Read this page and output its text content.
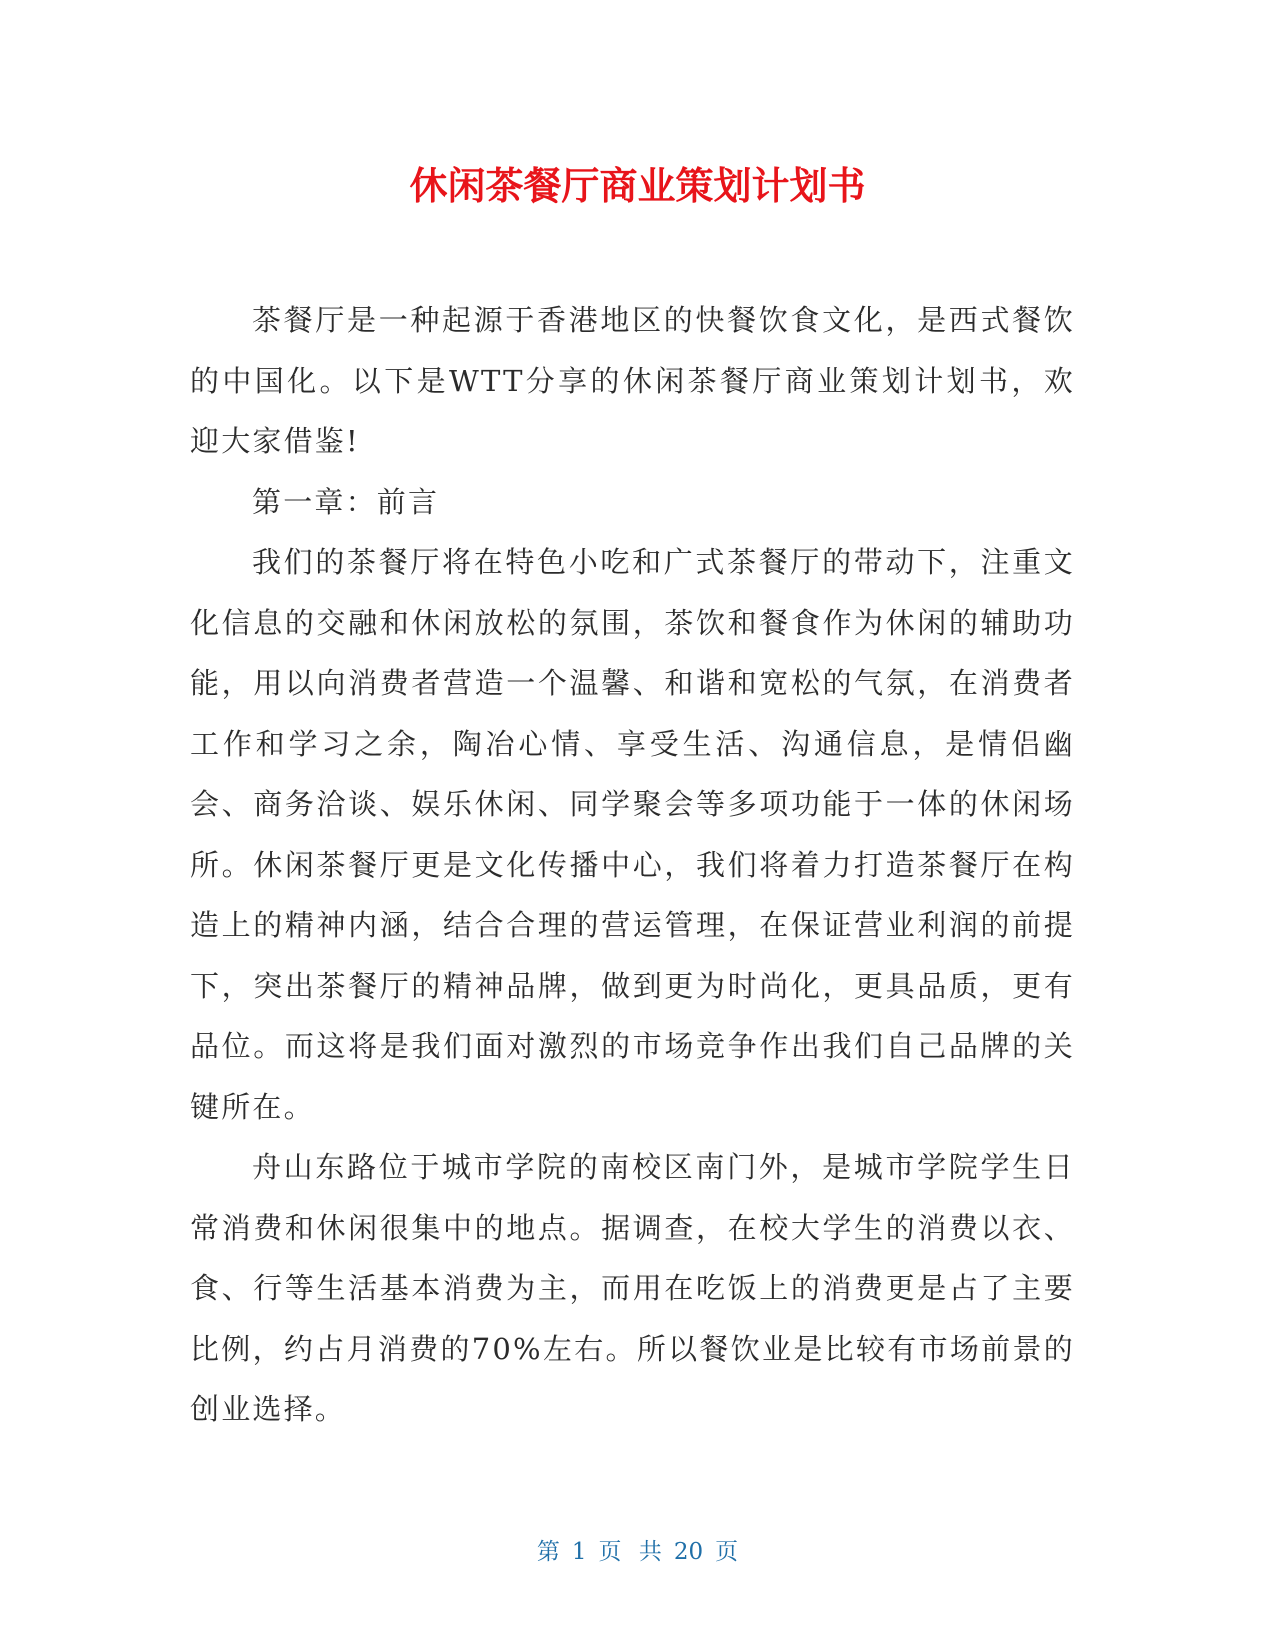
休闲茶餐厅商业策划计划书

茶餐厅是一种起源于香港地区的快餐饮食文化，是西式餐饮的中国化。以下是WTT分享的休闲茶餐厅商业策划计划书，欢迎大家借鉴!

第一章：前言

我们的茶餐厅将在特色小吃和广式茶餐厅的带动下，注重文化信息的交融和休闲放松的氛围，茶饮和餐食作为休闲的辅助功能，用以向消费者营造一个温馨、和谐和宽松的气氛，在消费者工作和学习之余，陶冶心情、享受生活、沟通信息，是情侣幽会、商务洽谈、娱乐休闲、同学聚会等多项功能于一体的休闲场所。休闲茶餐厅更是文化传播中心，我们将着力打造茶餐厅在构造上的精神内涵，结合合理的营运管理，在保证营业利润的前提下，突出茶餐厅的精神品牌，做到更为时尚化，更具品质，更有品位。而这将是我们面对激烈的市场竞争作出我们自己品牌的关键所在。

舟山东路位于城市学院的南校区南门外，是城市学院学生日常消费和休闲很集中的地点。据调查，在校大学生的消费以衣、食、行等生活基本消费为主，而用在吃饭上的消费更是占了主要比例，约占月消费的70%左右。所以餐饮业是比较有市场前景的创业选择。

第 1 页 共 20 页
